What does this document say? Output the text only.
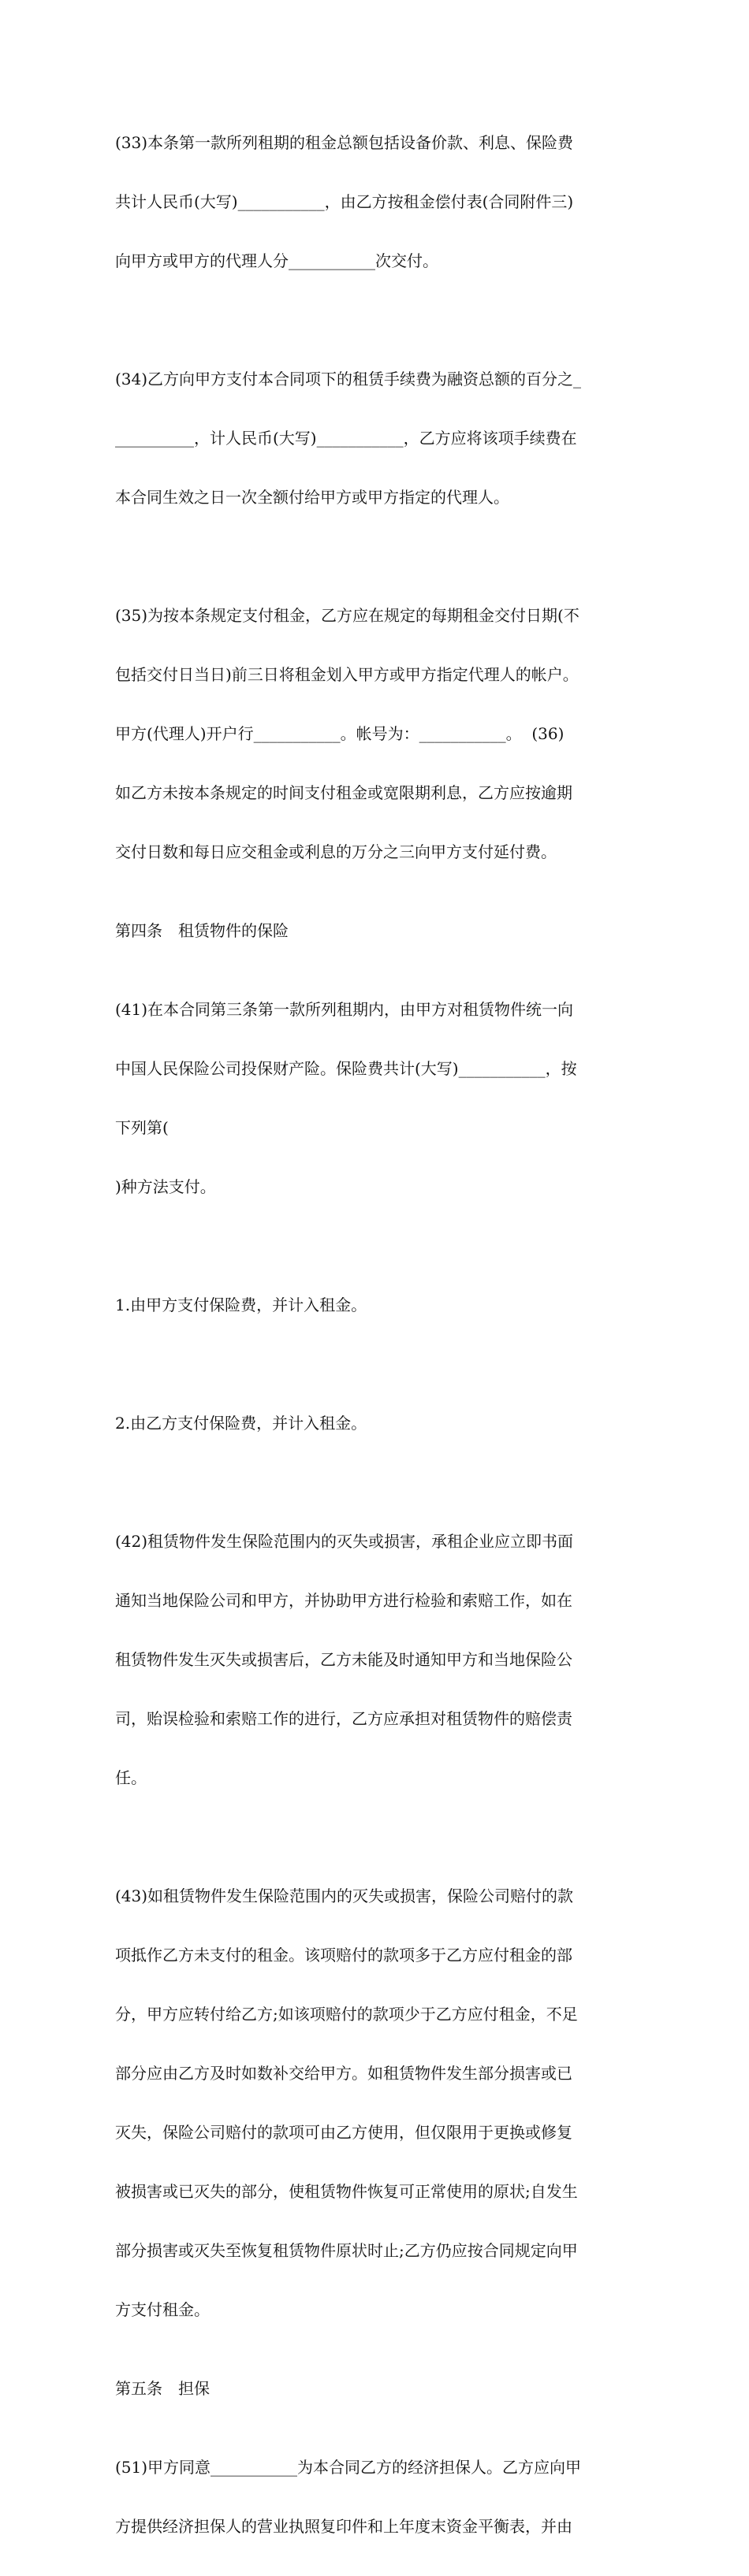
(33)本条第一款所列租期的租金总额包括设备价款、利息、保险费

共计人民币(大写)___________，由乙方按租金偿付表(合同附件三)

向甲方或甲方的代理人分___________次交付。

(34)乙方向甲方支付本合同项下的租赁手续费为融资总额的百分之_

__________，计人民币(大写)___________，乙方应将该项手续费在

本合同生效之日一次全额付给甲方或甲方指定的代理人。

(35)为按本条规定支付租金，乙方应在规定的每期租金交付日期(不

包括交付日当日)前三日将租金划入甲方或甲方指定代理人的帐户。

甲方(代理人)开户行___________。帐号为：___________。  (36)

如乙方未按本条规定的时间支付租金或宽限期利息，乙方应按逾期

交付日数和每日应交租金或利息的万分之三向甲方支付延付费。

第四条　租赁物件的保险

(41)在本合同第三条第一款所列租期内，由甲方对租赁物件统一向

中国人民保险公司投保财产险。保险费共计(大写)___________，按

下列第(

)种方法支付。

1.由甲方支付保险费，并计入租金。

2.由乙方支付保险费，并计入租金。

(42)租赁物件发生保险范围内的灭失或损害，承租企业应立即书面

通知当地保险公司和甲方，并协助甲方进行检验和索赔工作，如在

租赁物件发生灭失或损害后，乙方未能及时通知甲方和当地保险公

司，贻误检验和索赔工作的进行，乙方应承担对租赁物件的赔偿责

任。

(43)如租赁物件发生保险范围内的灭失或损害，保险公司赔付的款

项抵作乙方未支付的租金。该项赔付的款项多于乙方应付租金的部

分，甲方应转付给乙方;如该项赔付的款项少于乙方应付租金，不足

部分应由乙方及时如数补交给甲方。如租赁物件发生部分损害或已

灭失，保险公司赔付的款项可由乙方使用，但仅限用于更换或修复

被损害或已灭失的部分，使租赁物件恢复可正常使用的原状;自发生

部分损害或灭失至恢复租赁物件原状时止;乙方仍应按合同规定向甲

方支付租金。

第五条　担保

(51)甲方同意___________为本合同乙方的经济担保人。乙方应向甲

方提供经济担保人的营业执照复印件和上年度末资金平衡表，并由
